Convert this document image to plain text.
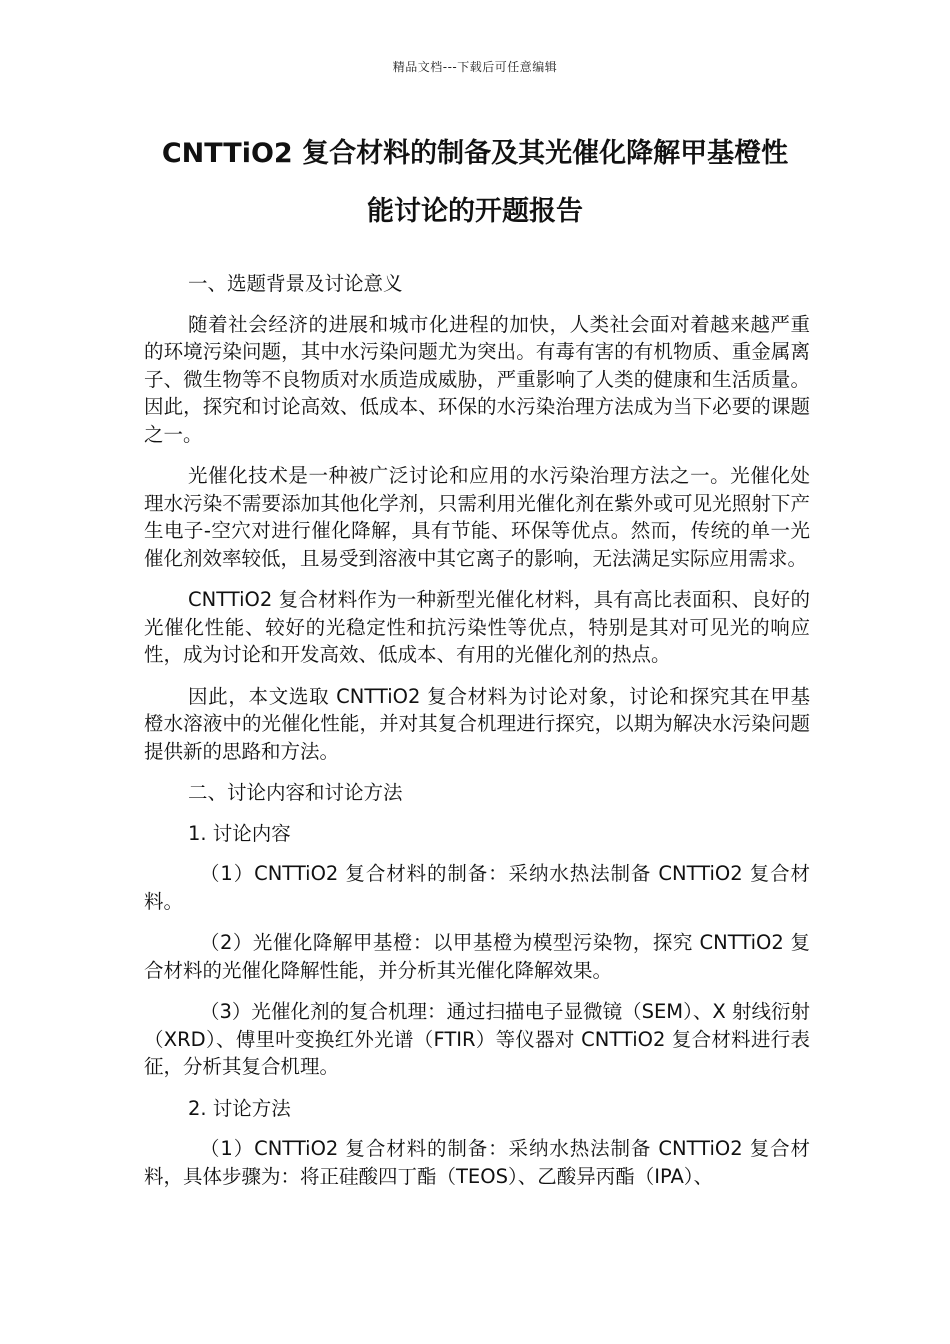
精品文档---下载后可任意编辑
CNTTiO2 复合材料的制备及其光催化降解甲基橙性
能讨论的开题报告

一、选题背景及讨论意义

随着社会经济的进展和城市化进程的加快，人类社会面对着越来越严重的环境污染问题，其中水污染问题尤为突出。有毒有害的有机物质、重金属离子、微生物等不良物质对水质造成威胁，严重影响了人类的健康和生活质量。因此，探究和讨论高效、低成本、环保的水污染治理方法成为当下必要的课题之一。

光催化技术是一种被广泛讨论和应用的水污染治理方法之一。光催化处理水污染不需要添加其他化学剂，只需利用光催化剂在紫外或可见光照射下产生电子-空穴对进行催化降解，具有节能、环保等优点。然而，传统的单一光催化剂效率较低，且易受到溶液中其它离子的影响，无法满足实际应用需求。

CNTTiO2 复合材料作为一种新型光催化材料，具有高比表面积、良好的光催化性能、较好的光稳定性和抗污染性等优点，特别是其对可见光的响应性，成为讨论和开发高效、低成本、有用的光催化剂的热点。

因此，本文选取 CNTTiO2 复合材料为讨论对象，讨论和探究其在甲基橙水溶液中的光催化性能，并对其复合机理进行探究，以期为解决水污染问题提供新的思路和方法。

二、讨论内容和讨论方法

1. 讨论内容

（1）CNTTiO2 复合材料的制备：采纳水热法制备 CNTTiO2 复合材料。

（2）光催化降解甲基橙：以甲基橙为模型污染物，探究 CNTTiO2 复合材料的光催化降解性能，并分析其光催化降解效果。

（3）光催化剂的复合机理：通过扫描电子显微镜（SEM）、X 射线衍射（XRD）、傅里叶变换红外光谱（FTIR）等仪器对 CNTTiO2 复合材料进行表征，分析其复合机理。

2. 讨论方法

（1）CNTTiO2 复合材料的制备：采纳水热法制备 CNTTiO2 复合材料，具体步骤为：将正硅酸四丁酯（TEOS）、乙酸异丙酯（IPA）、
